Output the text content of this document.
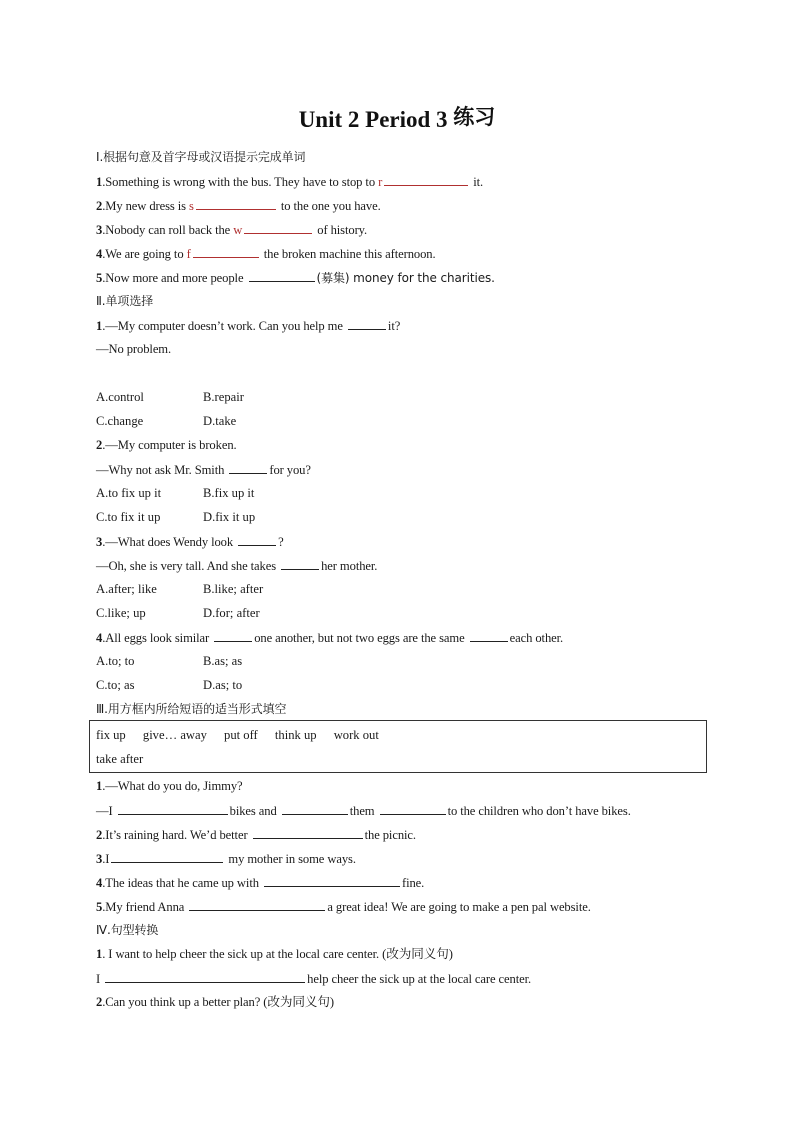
Unit 2 Period 3 练习
Ⅰ.根据句意及首字母或汉语提示完成单词
1.Something is wrong with the bus. They have to stop to r	it.
2.My new dress is s	to the one you have.
3.Nobody can roll back the w	of history.
4.We are going to f	the broken machine this afternoon.
5.Now more and more people	(募集) money for the charities.
Ⅱ.单项选择
1.—My computer doesn’t work. Can you help me	it?
—No problem.
A.control	B.repair
C.change	D.take
2.—My computer is broken.
—Why not ask Mr. Smith	for you?
A.to fix up it	B.fix up it
C.to fix it up	D.fix it up
3.—What does Wendy look	?
—Oh, she is very tall. And she takes	her mother.
A.after; like	B.like; after
C.like; up	D.for; after
4.All eggs look similar	one another, but not two eggs are the same	each other.
A.to; to	B.as; as
C.to; as	D.as; to
Ⅲ.用方框内所给短语的适当形式填空
fix up give… away put off think up work out
take after
1.—What do you do, Jimmy?
—I	bikes and	them	to the children who don’t have bikes.
2.It’s raining hard. We’d better	the picnic.
3.I	my mother in some ways.
4.The ideas that he came up with	fine.
5.My friend Anna	a great idea! We are going to make a pen pal website.
Ⅳ.句型转换
1. I want to help cheer the sick up at the local care center. (改为同义句)
I	help cheer the sick up at the local care center.
2.Can you think up a better plan? (改为同义句)
